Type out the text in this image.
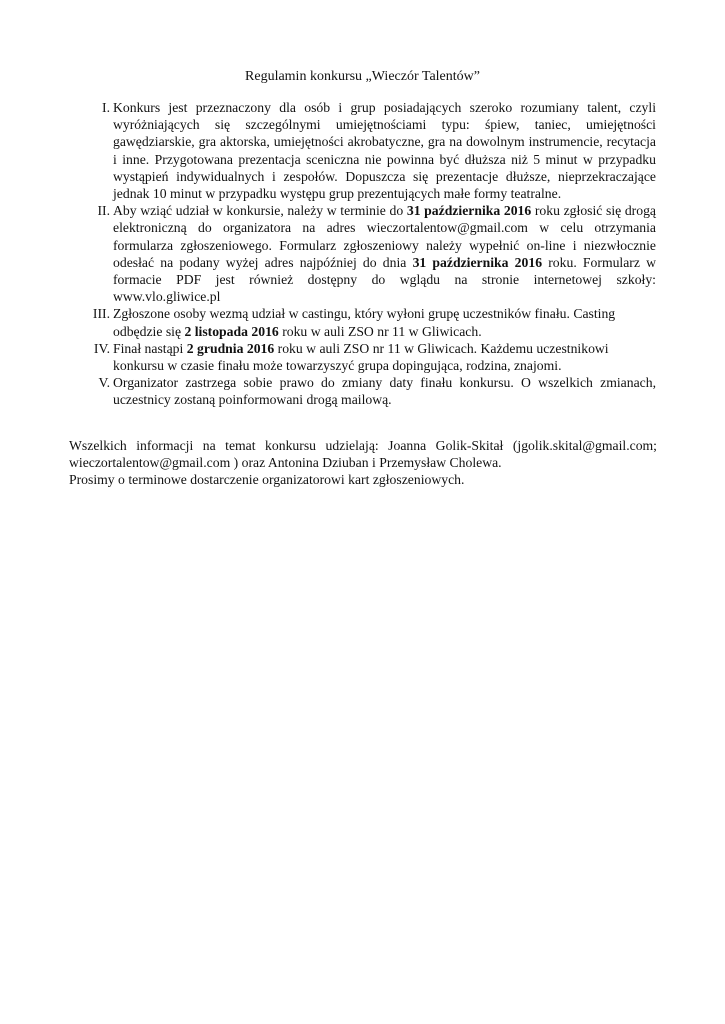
Regulamin konkursu „Wieczór Talentów”
I. Konkurs jest przeznaczony dla osób i grup posiadających szeroko rozumiany talent, czyli wyróżniających się szczególnymi umiejętnościami typu: śpiew, taniec, umiejętności gawędziarskie, gra aktorska, umiejętności akrobatyczne, gra na dowolnym instrumencie, recytacja i inne. Przygotowana prezentacja sceniczna nie powinna być dłuższa niż 5 minut w przypadku wystąpień indywidualnych i zespołów. Dopuszcza się prezentacje dłuższe, nieprzekraczające jednak 10 minut w przypadku występu grup prezentujących małe formy teatralne.
II. Aby wziąć udział w konkursie, należy w terminie do 31 października 2016 roku zgłosić się drogą elektroniczną do organizatora na adres wieczortalentow@gmail.com w celu otrzymania formularza zgłoszeniowego. Formularz zgłoszeniowy należy wypełnić on-line i niezwłocznie odesłać na podany wyżej adres najpóźniej do dnia 31 października 2016 roku. Formularz w formacie PDF jest również dostępny do wglądu na stronie internetowej szkoły: www.vlo.gliwice.pl
III. Zgłoszone osoby wezmą udział w castingu, który wyłoni grupę uczestników finału. Casting odbędzie się 2 listopada 2016 roku w auli ZSO nr 11 w Gliwicach.
IV. Finał nastąpi 2 grudnia 2016 roku w auli ZSO nr 11 w Gliwicach. Każdemu uczestnikowi konkursu w czasie finału może towarzyszyć grupa dopingująca, rodzina, znajomi.
V. Organizator zastrzega sobie prawo do zmiany daty finału konkursu. O wszelkich zmianach, uczestnicy zostaną poinformowani drogą mailową.

Wszelkich informacji na temat konkursu udzielają: Joanna Golik-Skitał (jgolik.skital@gmail.com;

wieczortalentow@gmail.com ) oraz Antonina Dziuban i Przemysław Cholewa.

Prosimy o terminowe dostarczenie organizatorowi kart zgłoszeniowych.
